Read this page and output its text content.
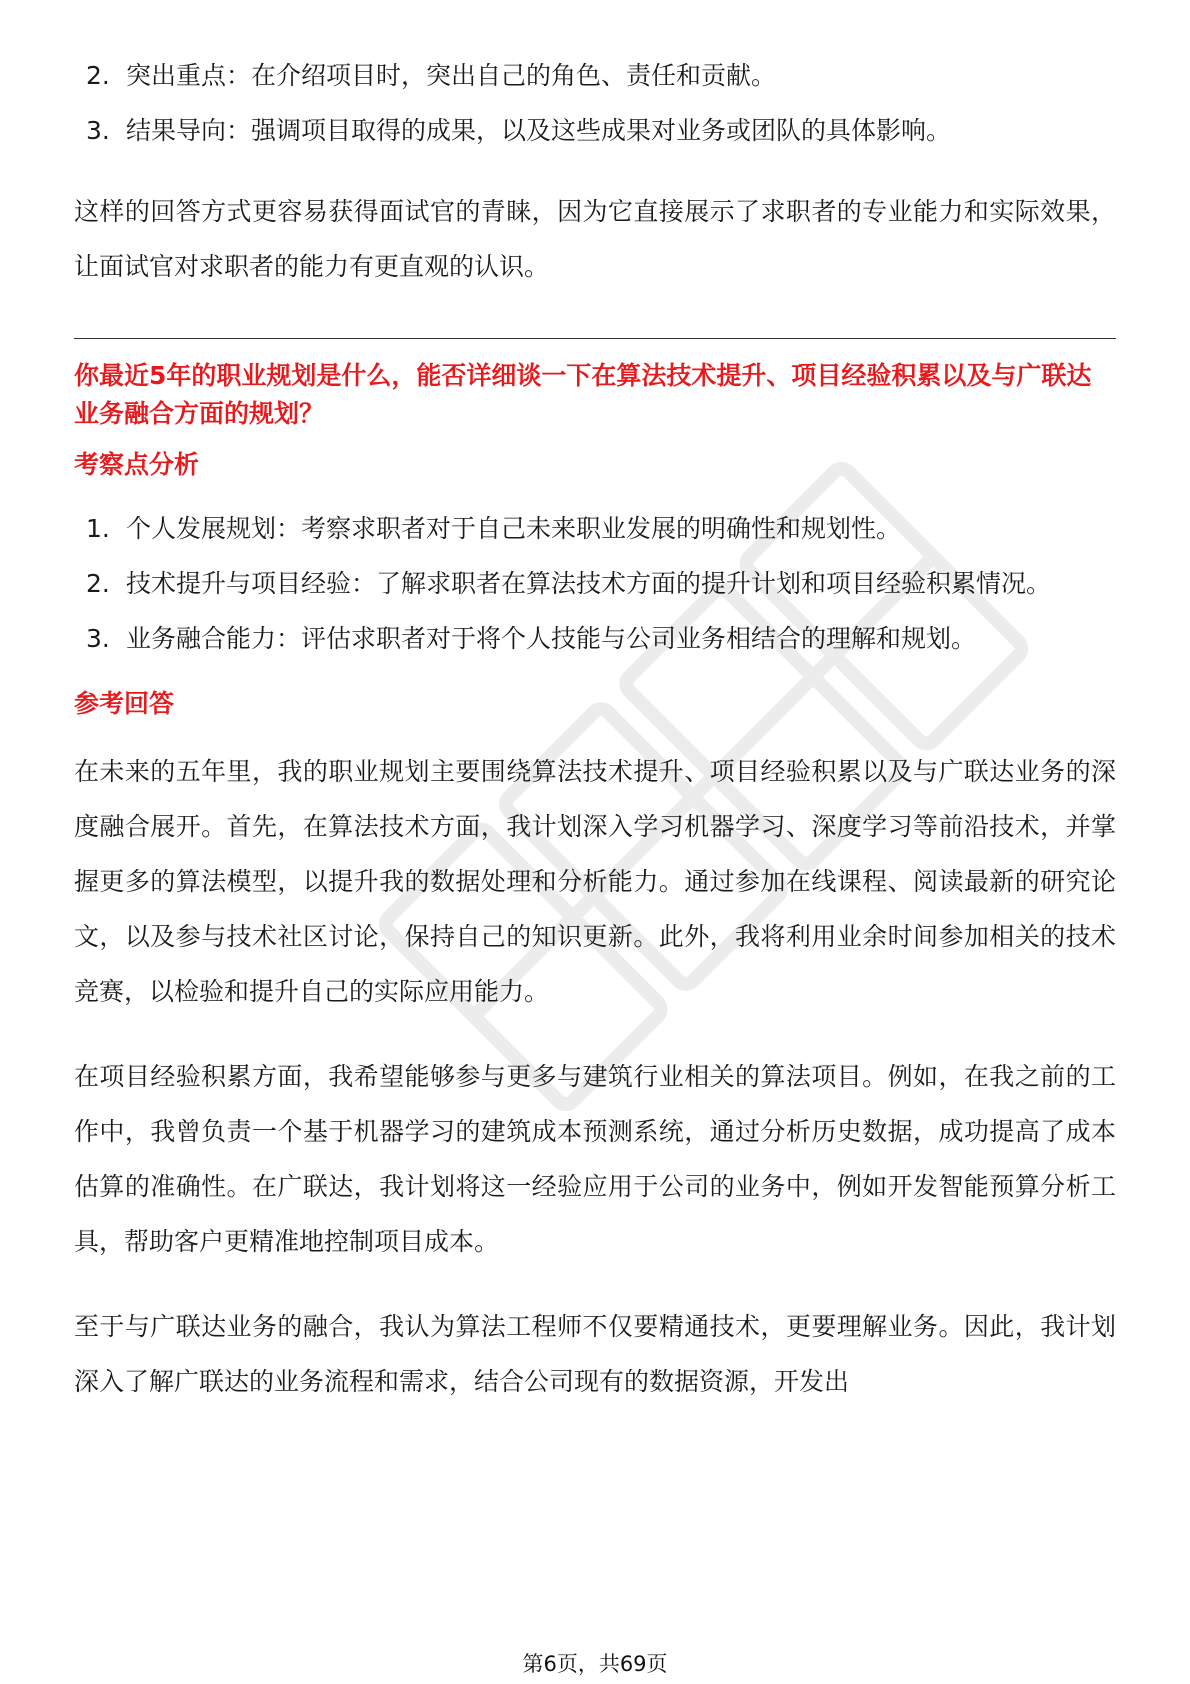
2. 突出重点：在介绍项目时，突出自己的角色、责任和贡献。
3. 结果导向：强调项目取得的成果，以及这些成果对业务或团队的具体影响。

这样的回答方式更容易获得面试官的青睐，因为它直接展示了求职者的专业能力和实际效果，让面试官对求职者的能力有更直观的认识。

你最近5年的职业规划是什么，能否详细谈一下在算法技术提升、项目经验积累以及与广联达业务融合方面的规划？

考察点分析

1. 个人发展规划：考察求职者对于自己未来职业发展的明确性和规划性。
2. 技术提升与项目经验：了解求职者在算法技术方面的提升计划和项目经验积累情况。
3. 业务融合能力：评估求职者对于将个人技能与公司业务相结合的理解和规划。

参考回答

在未来的五年里，我的职业规划主要围绕算法技术提升、项目经验积累以及与广联达业务的深度融合展开。首先，在算法技术方面，我计划深入学习机器学习、深度学习等前沿技术，并掌握更多的算法模型，以提升我的数据处理和分析能力。通过参加在线课程、阅读最新的研究论文，以及参与技术社区讨论，保持自己的知识更新。此外，我将利用业余时间参加相关的技术竞赛，以检验和提升自己的实际应用能力。

在项目经验积累方面，我希望能够参与更多与建筑行业相关的算法项目。例如，在我之前的工作中，我曾负责一个基于机器学习的建筑成本预测系统，通过分析历史数据，成功提高了成本估算的准确性。在广联达，我计划将这一经验应用于公司的业务中，例如开发智能预算分析工具，帮助客户更精准地控制项目成本。

至于与广联达业务的融合，我认为算法工程师不仅要精通技术，更要理解业务。因此，我计划深入了解广联达的业务流程和需求，结合公司现有的数据资源，开发出

第6页，共69页
